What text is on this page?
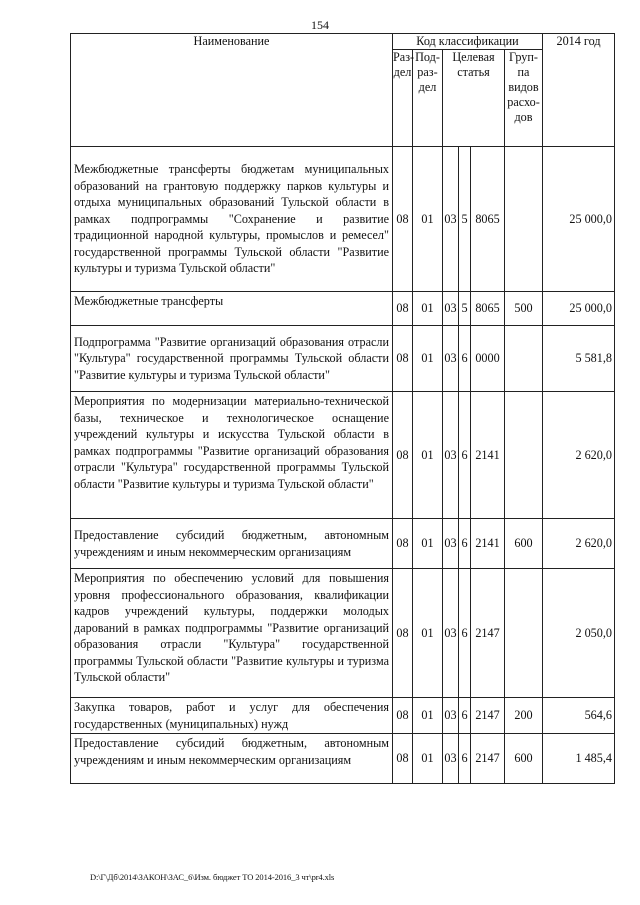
154
Наименование	Код классификации						2014 год
	Раз-дел	Под-раз-дел	Целевая статья			Груп-па видов расхо-дов	
Межбюджетные трансферты бюджетам муниципальных образований на грантовую поддержку парков культуры и отдыха муниципальных образований Тульской области в рамках подпрограммы "Сохранение и развитие традиционной народной культуры, промыслов и ремесел" государственной программы Тульской области "Развитие культуры и туризма Тульской области"	08	01	03	5	8065		25 000,0
Межбюджетные трансферты	08	01	03	5	8065	500	25 000,0
Подпрограмма "Развитие организаций образования отрасли "Культура" государственной программы Тульской области "Развитие культуры и туризма Тульской области"	08	01	03	6	0000		5 581,8
Мероприятия по модернизации материально-технической базы, техническое и технологическое оснащение учреждений культуры и искусства Тульской области в рамках подпрограммы "Развитие организаций образования отрасли "Культура" государственной программы Тульской области "Развитие культуры и туризма Тульской области"	08	01	03	6	2141		2 620,0
Предоставление субсидий бюджетным, автономным учреждениям и иным некоммерческим организациям	08	01	03	6	2141	600	2 620,0
Мероприятия по обеспечению условий для повышения уровня профессионального образования, квалификации кадров учреждений культуры, поддержки молодых дарований в рамках подпрограммы "Развитие организаций образования отрасли "Культура" государственной программы Тульской области "Развитие культуры и туризма Тульской области"	08	01	03	6	2147		2 050,0
Закупка товаров, работ и услуг для обеспечения государственных (муниципальных) нужд	08	01	03	6	2147	200	564,6
Предоставление субсидий бюджетным, автономным учреждениям и иным некоммерческим организациям	08	01	03	6	2147	600	1 485,4
D:\Г\Дб\2014\ЗАКОН\ЗАС_6\Изм. бюджет ТО 2014-2016_3 чт\pr4.xls
